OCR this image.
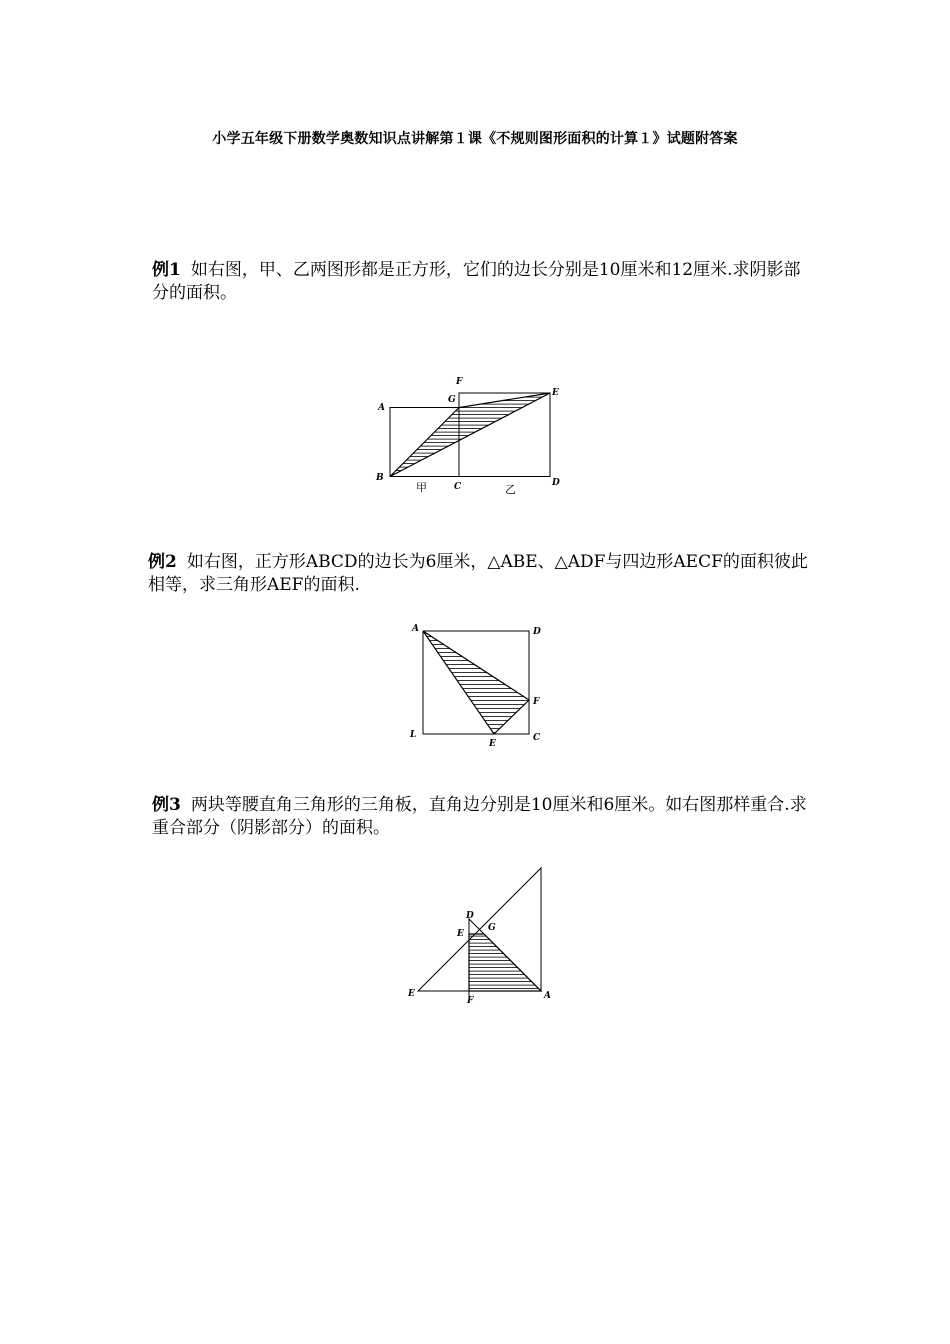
小学五年级下册数学奥数知识点讲解第１课《不规则图形面积的计算１》试题附答案
例1 如右图，甲、乙两图形都是正方形，它们的边长分别是10厘米和12厘米.求阴影部分的面积。
A
B
C	D
E
F
G
甲	乙
例2 如右图，正方形ABCD的边长为6厘米，△ABE、△ADF与四边形AECF的面积彼此相等，求三角形AEF的面积.
A	D
F
C
L
E
例3 两块等腰直角三角形的三角板，直角边分别是10厘米和6厘米。如右图那样重合.求重合部分（阴影部分）的面积。
E
D
E
G
F	A
